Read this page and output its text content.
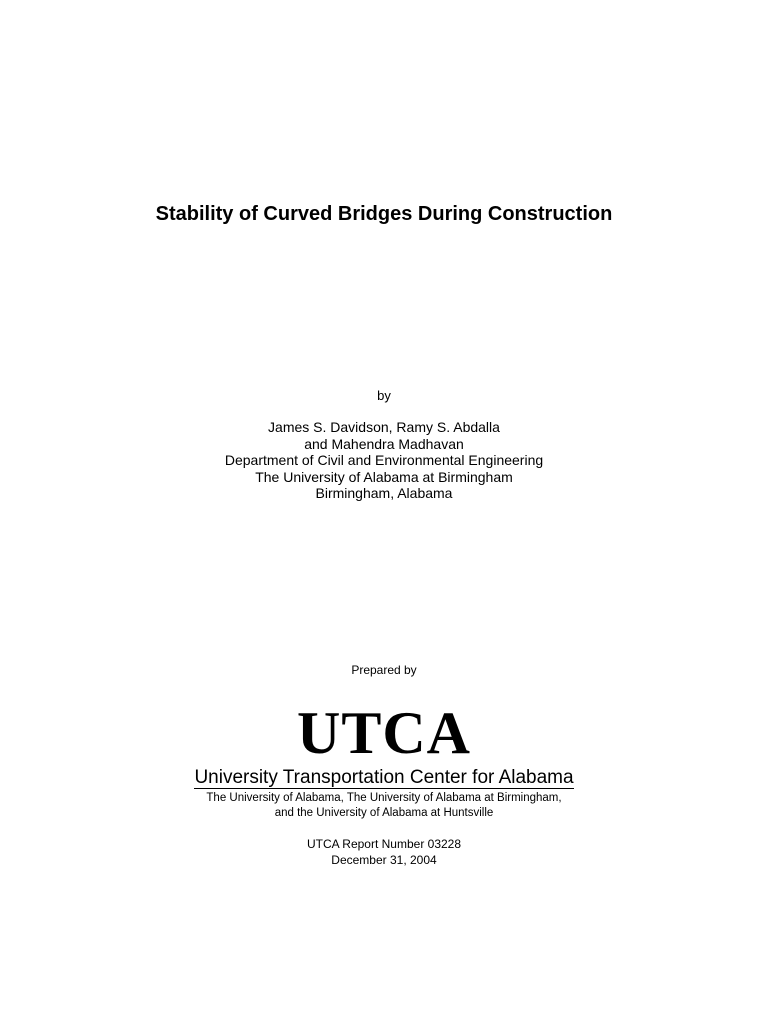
Stability of Curved Bridges During Construction
by
James S. Davidson, Ramy S. Abdalla
and Mahendra Madhavan
Department of Civil and Environmental Engineering
The University of Alabama at Birmingham
Birmingham, Alabama
Prepared by
UTCA
University Transportation Center for Alabama
The University of Alabama, The University of Alabama at Birmingham,
and the University of Alabama at Huntsville
UTCA Report Number 03228
December 31, 2004
